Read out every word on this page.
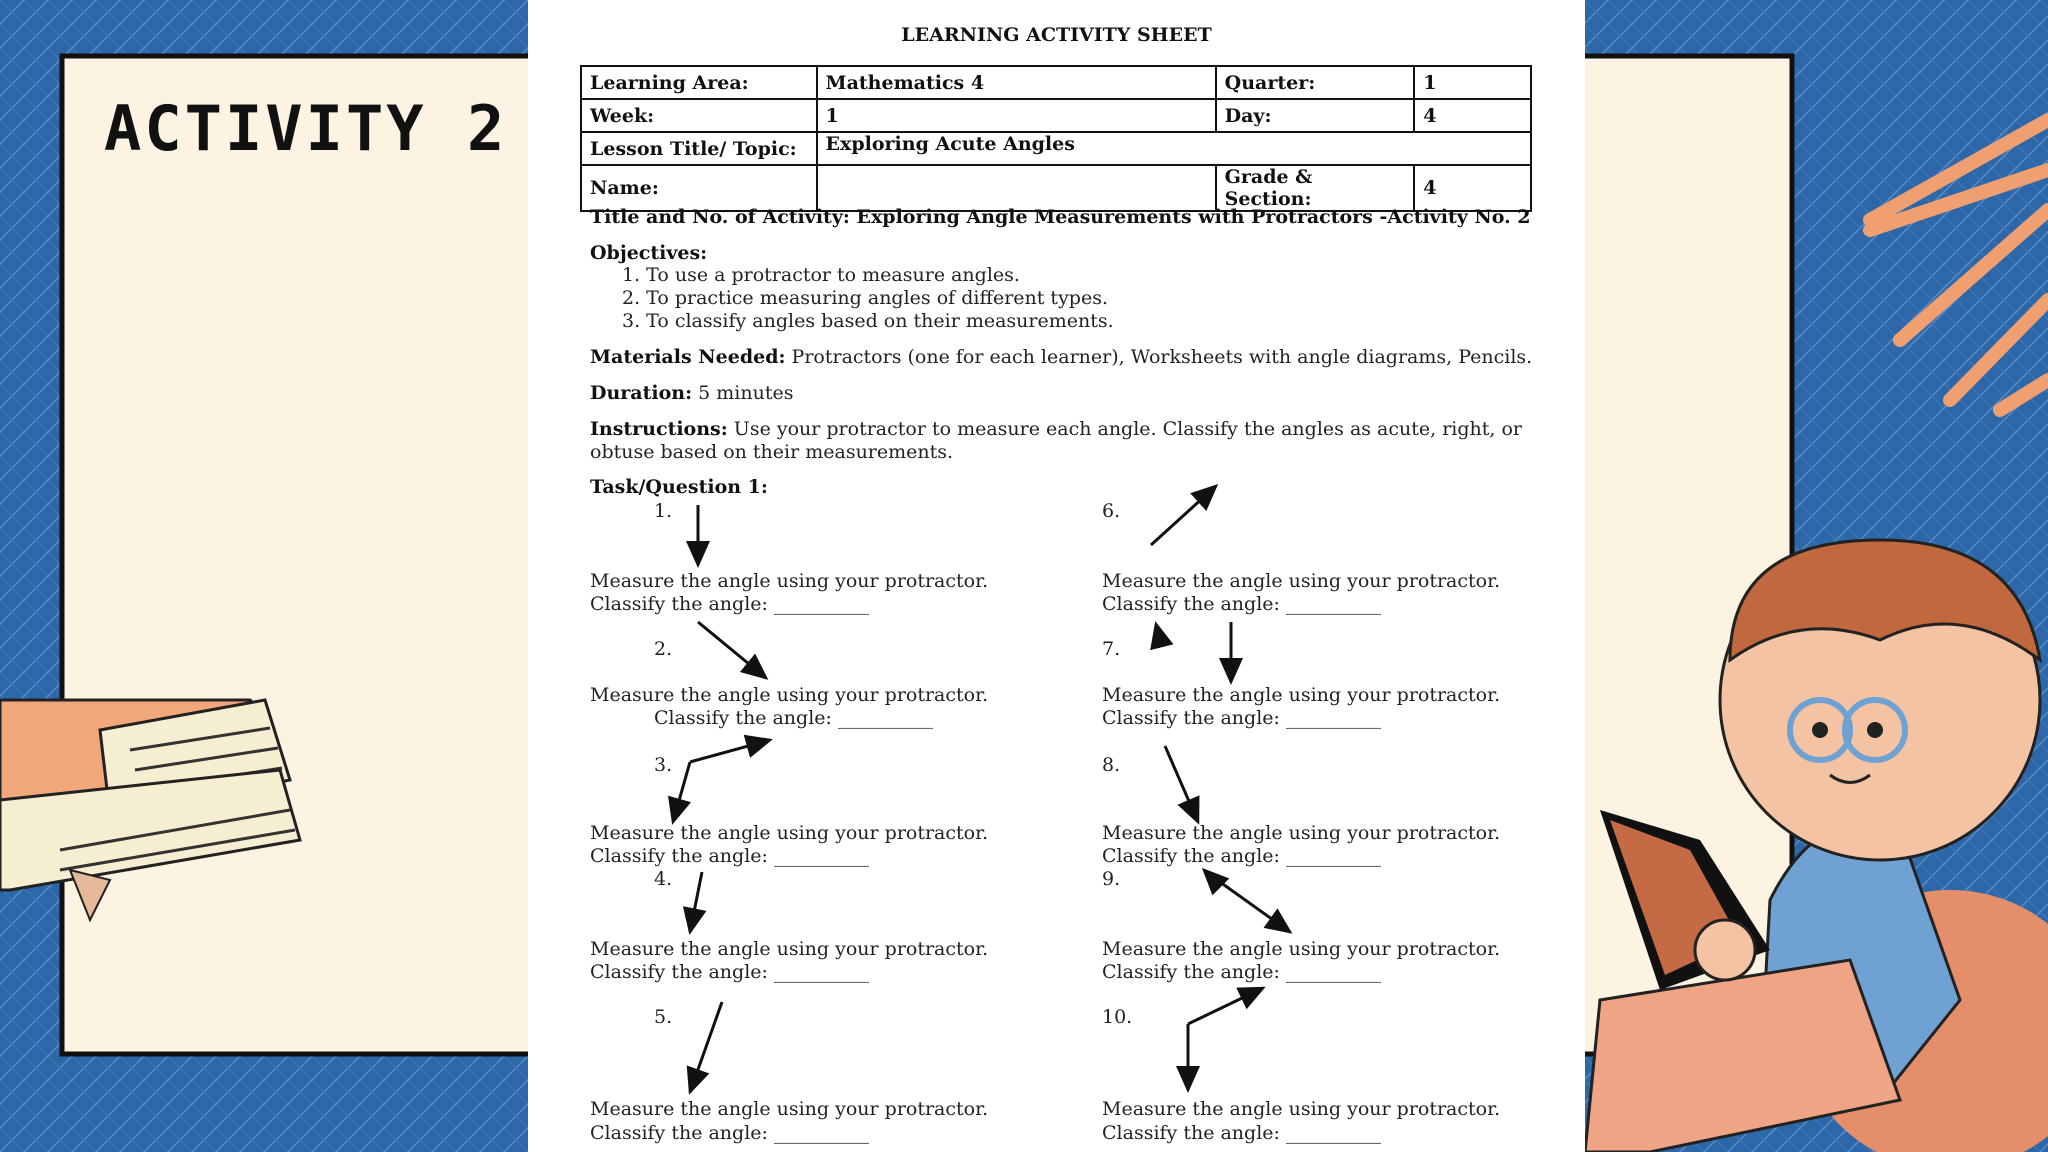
ACTIVITY 2
LEARNING ACTIVITY SHEET
Learning Area:	Mathematics 4	Quarter:	1
Week:	1	Day:	4
Lesson Title/ Topic:	Exploring Acute Angles		
Name:		Grade & Section:	4
Title and No. of Activity: Exploring Angle Measurements with Protractors -Activity No. 2
Objectives:
1. To use a protractor to measure angles.
2. To practice measuring angles of different types.
3. To classify angles based on their measurements.
Materials Needed: Protractors (one for each learner), Worksheets with angle diagrams, Pencils.
Duration: 5 minutes
Instructions: Use your protractor to measure each angle. Classify the angles as acute, right, or obtuse based on their measurements.
Task/Question 1:
1.
Measure the angle using your protractor.
Classify the angle: __________
2.
Measure the angle using your protractor.
Classify the angle: __________
3.
Measure the angle using your protractor.
Classify the angle: __________
4.
Measure the angle using your protractor.
Classify the angle: __________
5.
Measure the angle using your protractor.
Classify the angle: __________
6.
Measure the angle using your protractor.
Classify the angle: __________
7.
Measure the angle using your protractor.
Classify the angle: __________
8.
Measure the angle using your protractor.
Classify the angle: __________
9.
Measure the angle using your protractor.
Classify the angle: __________
10.
Measure the angle using your protractor.
Classify the angle: __________
